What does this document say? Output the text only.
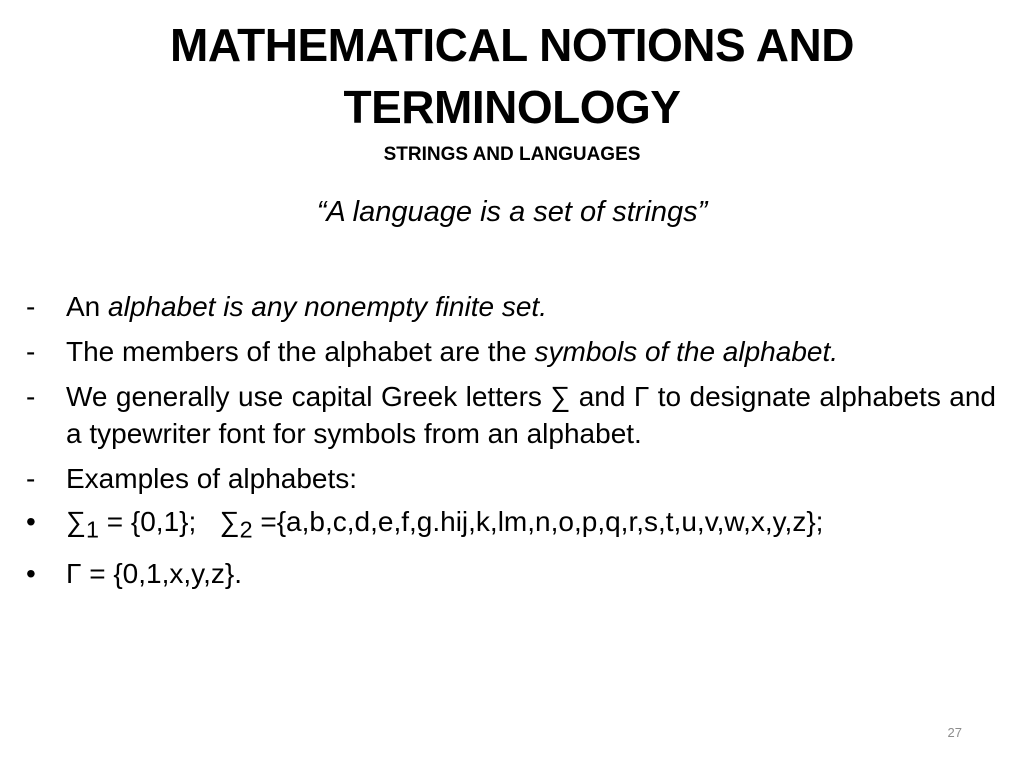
MATHEMATICAL NOTIONS AND TERMINOLOGY
STRINGS AND LANGUAGES
“A language is a set of strings”
-	An alphabet is any nonempty finite set.
-	The members of the alphabet are the symbols of the alphabet.
-	We generally use capital Greek letters ∑ and Γ to designate alphabets and a typewriter font for symbols from an alphabet.
-	Examples of alphabets:
•	$\sum_1 = \{0,1\}$;   $\sum_2 =\{a,b,c,d,e,f,g.hij,k,lm,n,o,p,q,r,s,t,u,v,w,x,y,z\}$;
•	Γ = {0,1,x,y,z}.
27
